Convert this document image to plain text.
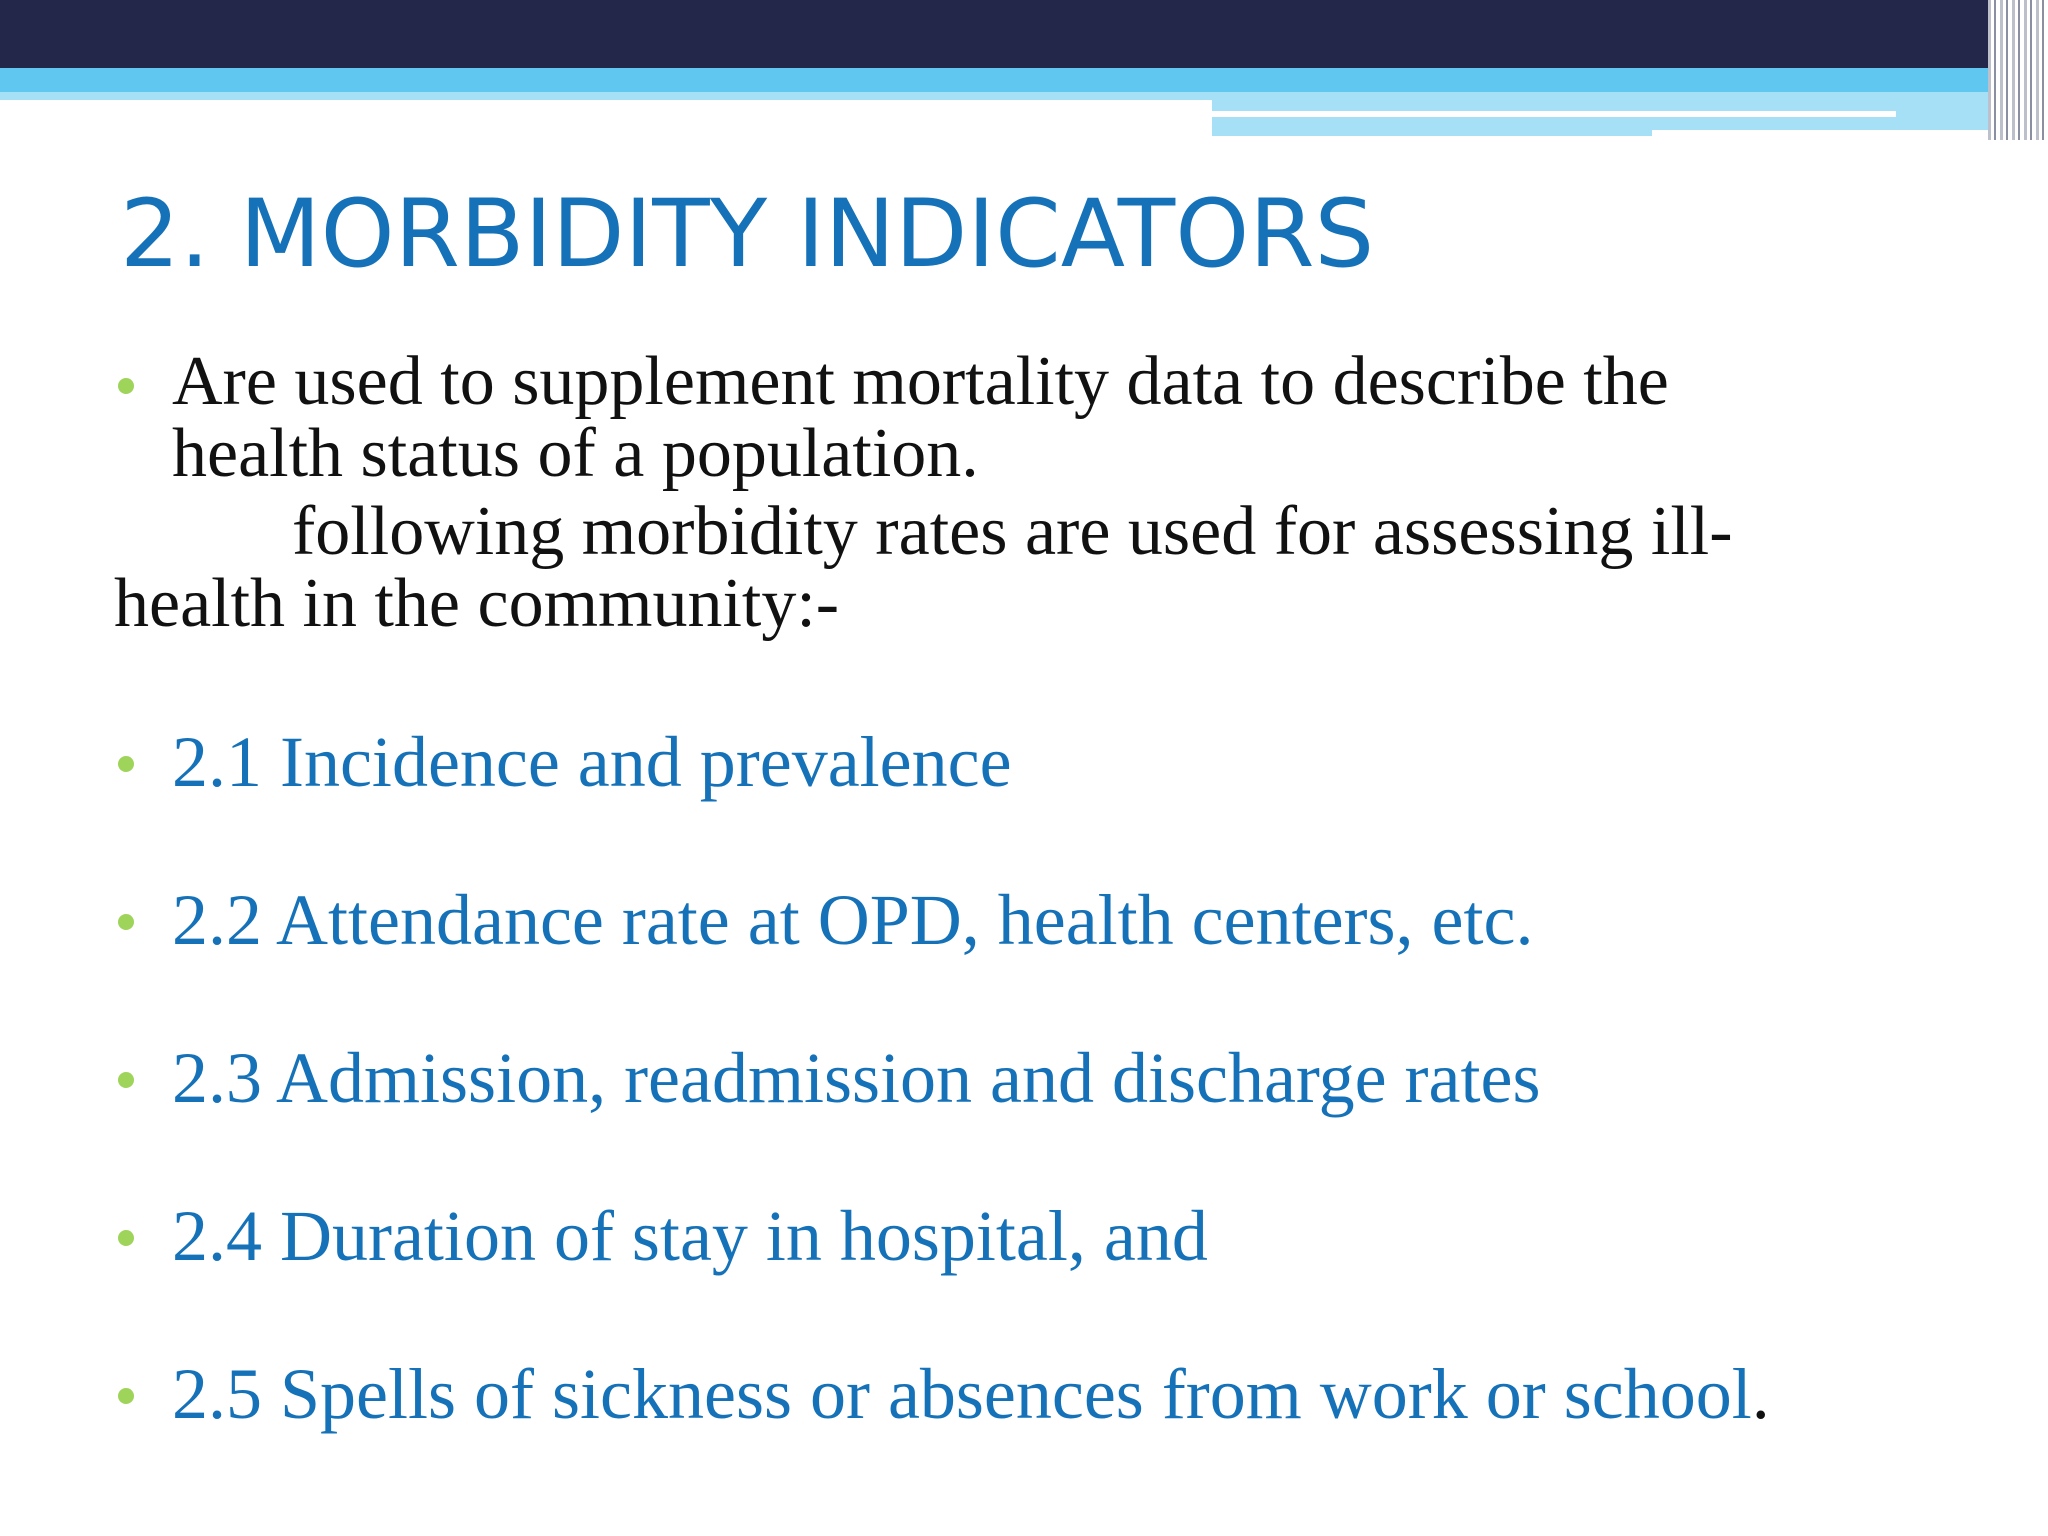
2. MORBIDITY INDICATORS
Are used to supplement mortality data to describe the
health status of a population.
following morbidity rates are used for assessing ill-
health in the community:-
2.1 Incidence and prevalence
2.2 Attendance rate at OPD, health centers, etc.
2.3 Admission, readmission and discharge rates
2.4 Duration of stay in hospital, and
2.5 Spells of sickness or absences from work or school.
